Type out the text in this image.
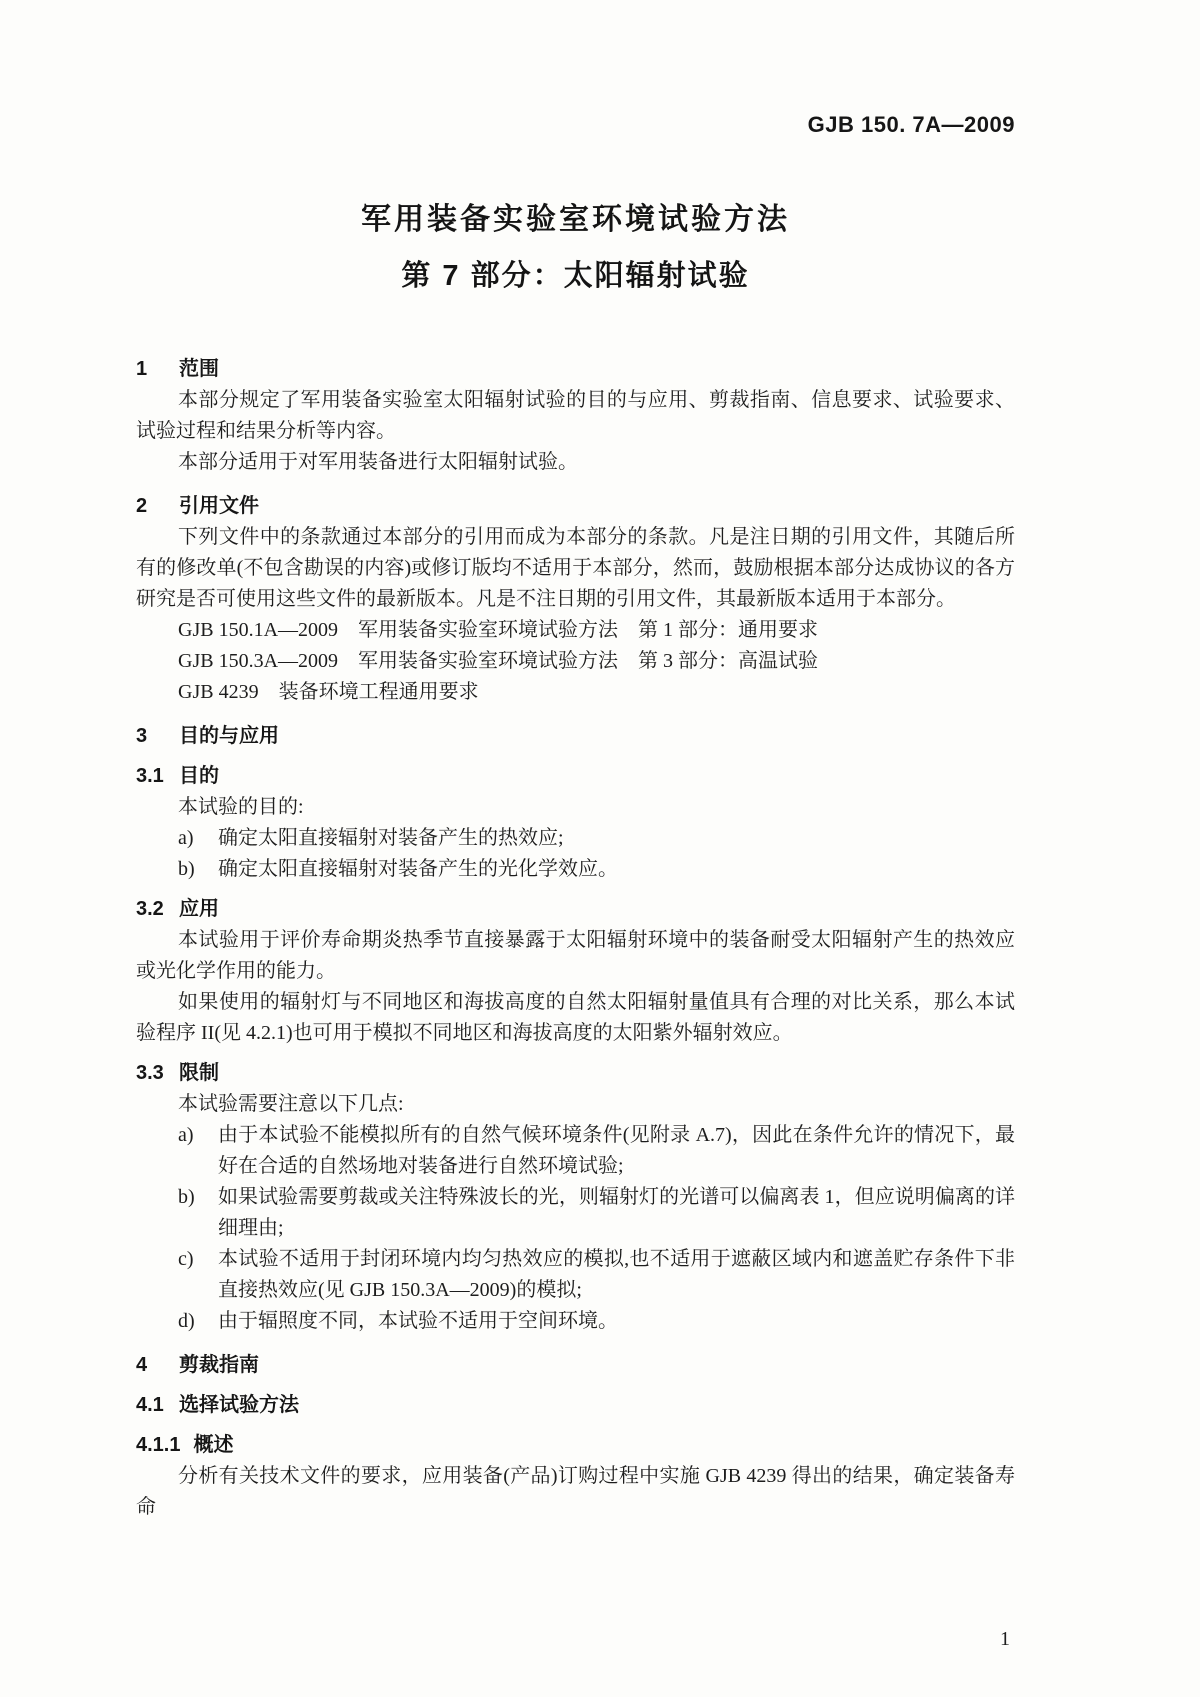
GJB 150. 7A—2009
军用装备实验室环境试验方法
第 7 部分：太阳辐射试验
1 范围

本部分规定了军用装备实验室太阳辐射试验的目的与应用、剪裁指南、信息要求、试验要求、试验过程和结果分析等内容。

本部分适用于对军用装备进行太阳辐射试验。

2 引用文件

下列文件中的条款通过本部分的引用而成为本部分的条款。凡是注日期的引用文件，其随后所有的修改单(不包含勘误的内容)或修订版均不适用于本部分，然而，鼓励根据本部分达成协议的各方研究是否可使用这些文件的最新版本。凡是不注日期的引用文件，其最新版本适用于本部分。

GJB 150.1A—2009　军用装备实验室环境试验方法　第 1 部分：通用要求
GJB 150.3A—2009　军用装备实验室环境试验方法　第 3 部分：高温试验
GJB 4239　装备环境工程通用要求
3 目的与应用
3.1 目的

本试验的目的:

a)	确定太阳直接辐射对装备产生的热效应;
b)	确定太阳直接辐射对装备产生的光化学效应。
3.2 应用

本试验用于评价寿命期炎热季节直接暴露于太阳辐射环境中的装备耐受太阳辐射产生的热效应或光化学作用的能力。

如果使用的辐射灯与不同地区和海拔高度的自然太阳辐射量值具有合理的对比关系，那么本试验程序 II(见 4.2.1)也可用于模拟不同地区和海拔高度的太阳紫外辐射效应。

3.3 限制

本试验需要注意以下几点:

a)	由于本试验不能模拟所有的自然气候环境条件(见附录 A.7)，因此在条件允许的情况下，最好在合适的自然场地对装备进行自然环境试验;
b)	如果试验需要剪裁或关注特殊波长的光，则辐射灯的光谱可以偏离表 1，但应说明偏离的详细理由;
c)	本试验不适用于封闭环境内均匀热效应的模拟,也不适用于遮蔽区域内和遮盖贮存条件下非直接热效应(见 GJB 150.3A—2009)的模拟;
d)	由于辐照度不同，本试验不适用于空间环境。
4 剪裁指南
4.1 选择试验方法
4.1.1 概述

分析有关技术文件的要求，应用装备(产品)订购过程中实施 GJB 4239 得出的结果，确定装备寿命

1
